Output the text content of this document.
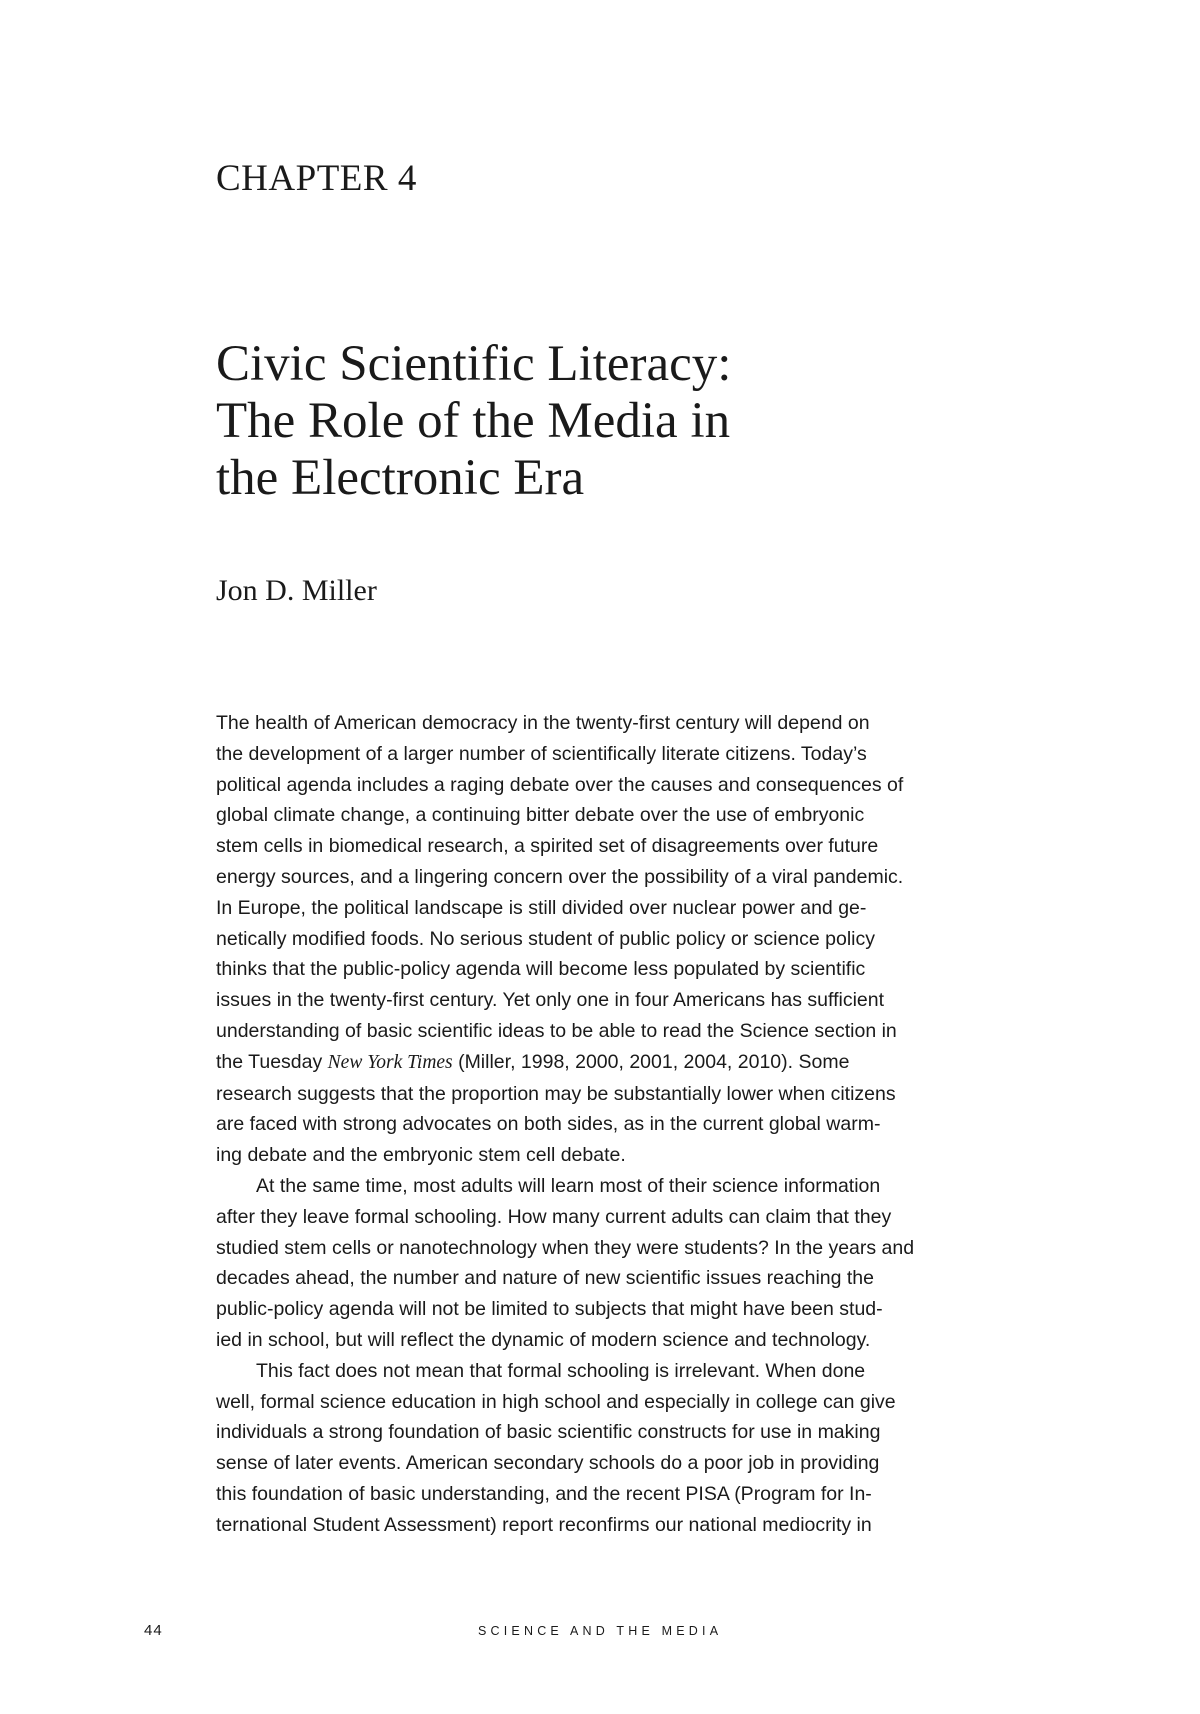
CHAPTER 4
Civic Scientific Literacy:
The Role of the Media in
the Electronic Era
Jon D. Miller

The health of American democracy in the twenty-first century will depend on
the development of a larger number of scientifically literate citizens. Today’s
political agenda includes a raging debate over the causes and consequences of
global climate change, a continuing bitter debate over the use of embryonic
stem cells in biomedical research, a spirited set of disagreements over future
energy sources, and a lingering concern over the possibility of a viral pandemic.
In Europe, the political landscape is still divided over nuclear power and ge-
netically modified foods. No serious student of public policy or science policy
thinks that the public-policy agenda will become less populated by scientific
issues in the twenty-first century. Yet only one in four Americans has sufficient
understanding of basic scientific ideas to be able to read the Science section in
the Tuesday New York Times (Miller, 1998, 2000, 2001, 2004, 2010). Some
research suggests that the proportion may be substantially lower when citizens
are faced with strong advocates on both sides, as in the current global warm-
ing debate and the embryonic stem cell debate.

At the same time, most adults will learn most of their science information
after they leave formal schooling. How many current adults can claim that they
studied stem cells or nanotechnology when they were students? In the years and
decades ahead, the number and nature of new scientific issues reaching the
public-policy agenda will not be limited to subjects that might have been stud-
ied in school, but will reflect the dynamic of modern science and technology.

This fact does not mean that formal schooling is irrelevant. When done
well, formal science education in high school and especially in college can give
individuals a strong foundation of basic scientific constructs for use in making
sense of later events. American secondary schools do a poor job in providing
this foundation of basic understanding, and the recent PISA (Program for In-
ternational Student Assessment) report reconfirms our national mediocrity in

44	SCIENCE AND THE MEDIA
